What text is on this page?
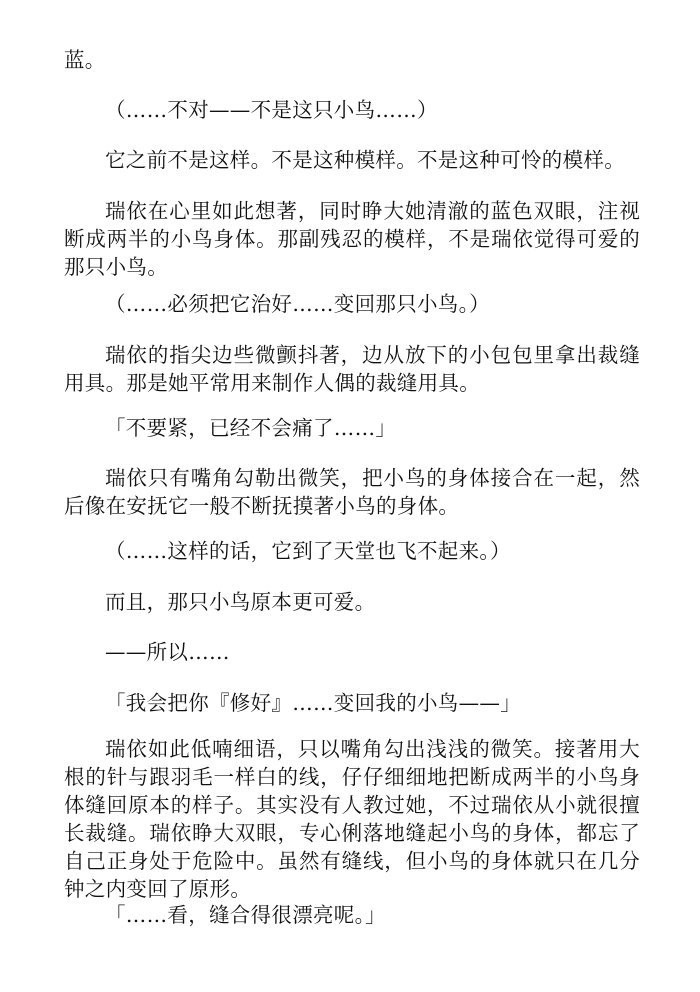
蓝。

（……不对——不是这只小鸟……）

它之前不是这样。不是这种模样。不是这种可怜的模样。

瑞依在心里如此想著，同时睁大她清澈的蓝色双眼，注视断成两半的小鸟身体。那副残忍的模样，不是瑞依觉得可爱的那只小鸟。

（……必须把它治好……变回那只小鸟。）

瑞依的指尖边些微颤抖著，边从放下的小包包里拿出裁缝用具。那是她平常用来制作人偶的裁缝用具。

「不要紧，已经不会痛了……」

瑞依只有嘴角勾勒出微笑，把小鸟的身体接合在一起，然后像在安抚它一般不断抚摸著小鸟的身体。

（……这样的话，它到了天堂也飞不起来。）

而且，那只小鸟原本更可爱。

——所以……

「我会把你『修好』……变回我的小鸟——」

瑞依如此低喃细语，只以嘴角勾出浅浅的微笑。接著用大根的针与跟羽毛一样白的线，仔仔细细地把断成两半的小鸟身体缝回原本的样子。其实没有人教过她，不过瑞依从小就很擅长裁缝。瑞依睁大双眼，专心俐落地缝起小鸟的身体，都忘了自己正身处于危险中。虽然有缝线，但小鸟的身体就只在几分钟之内变回了原形。

「……看，缝合得很漂亮呢。」
